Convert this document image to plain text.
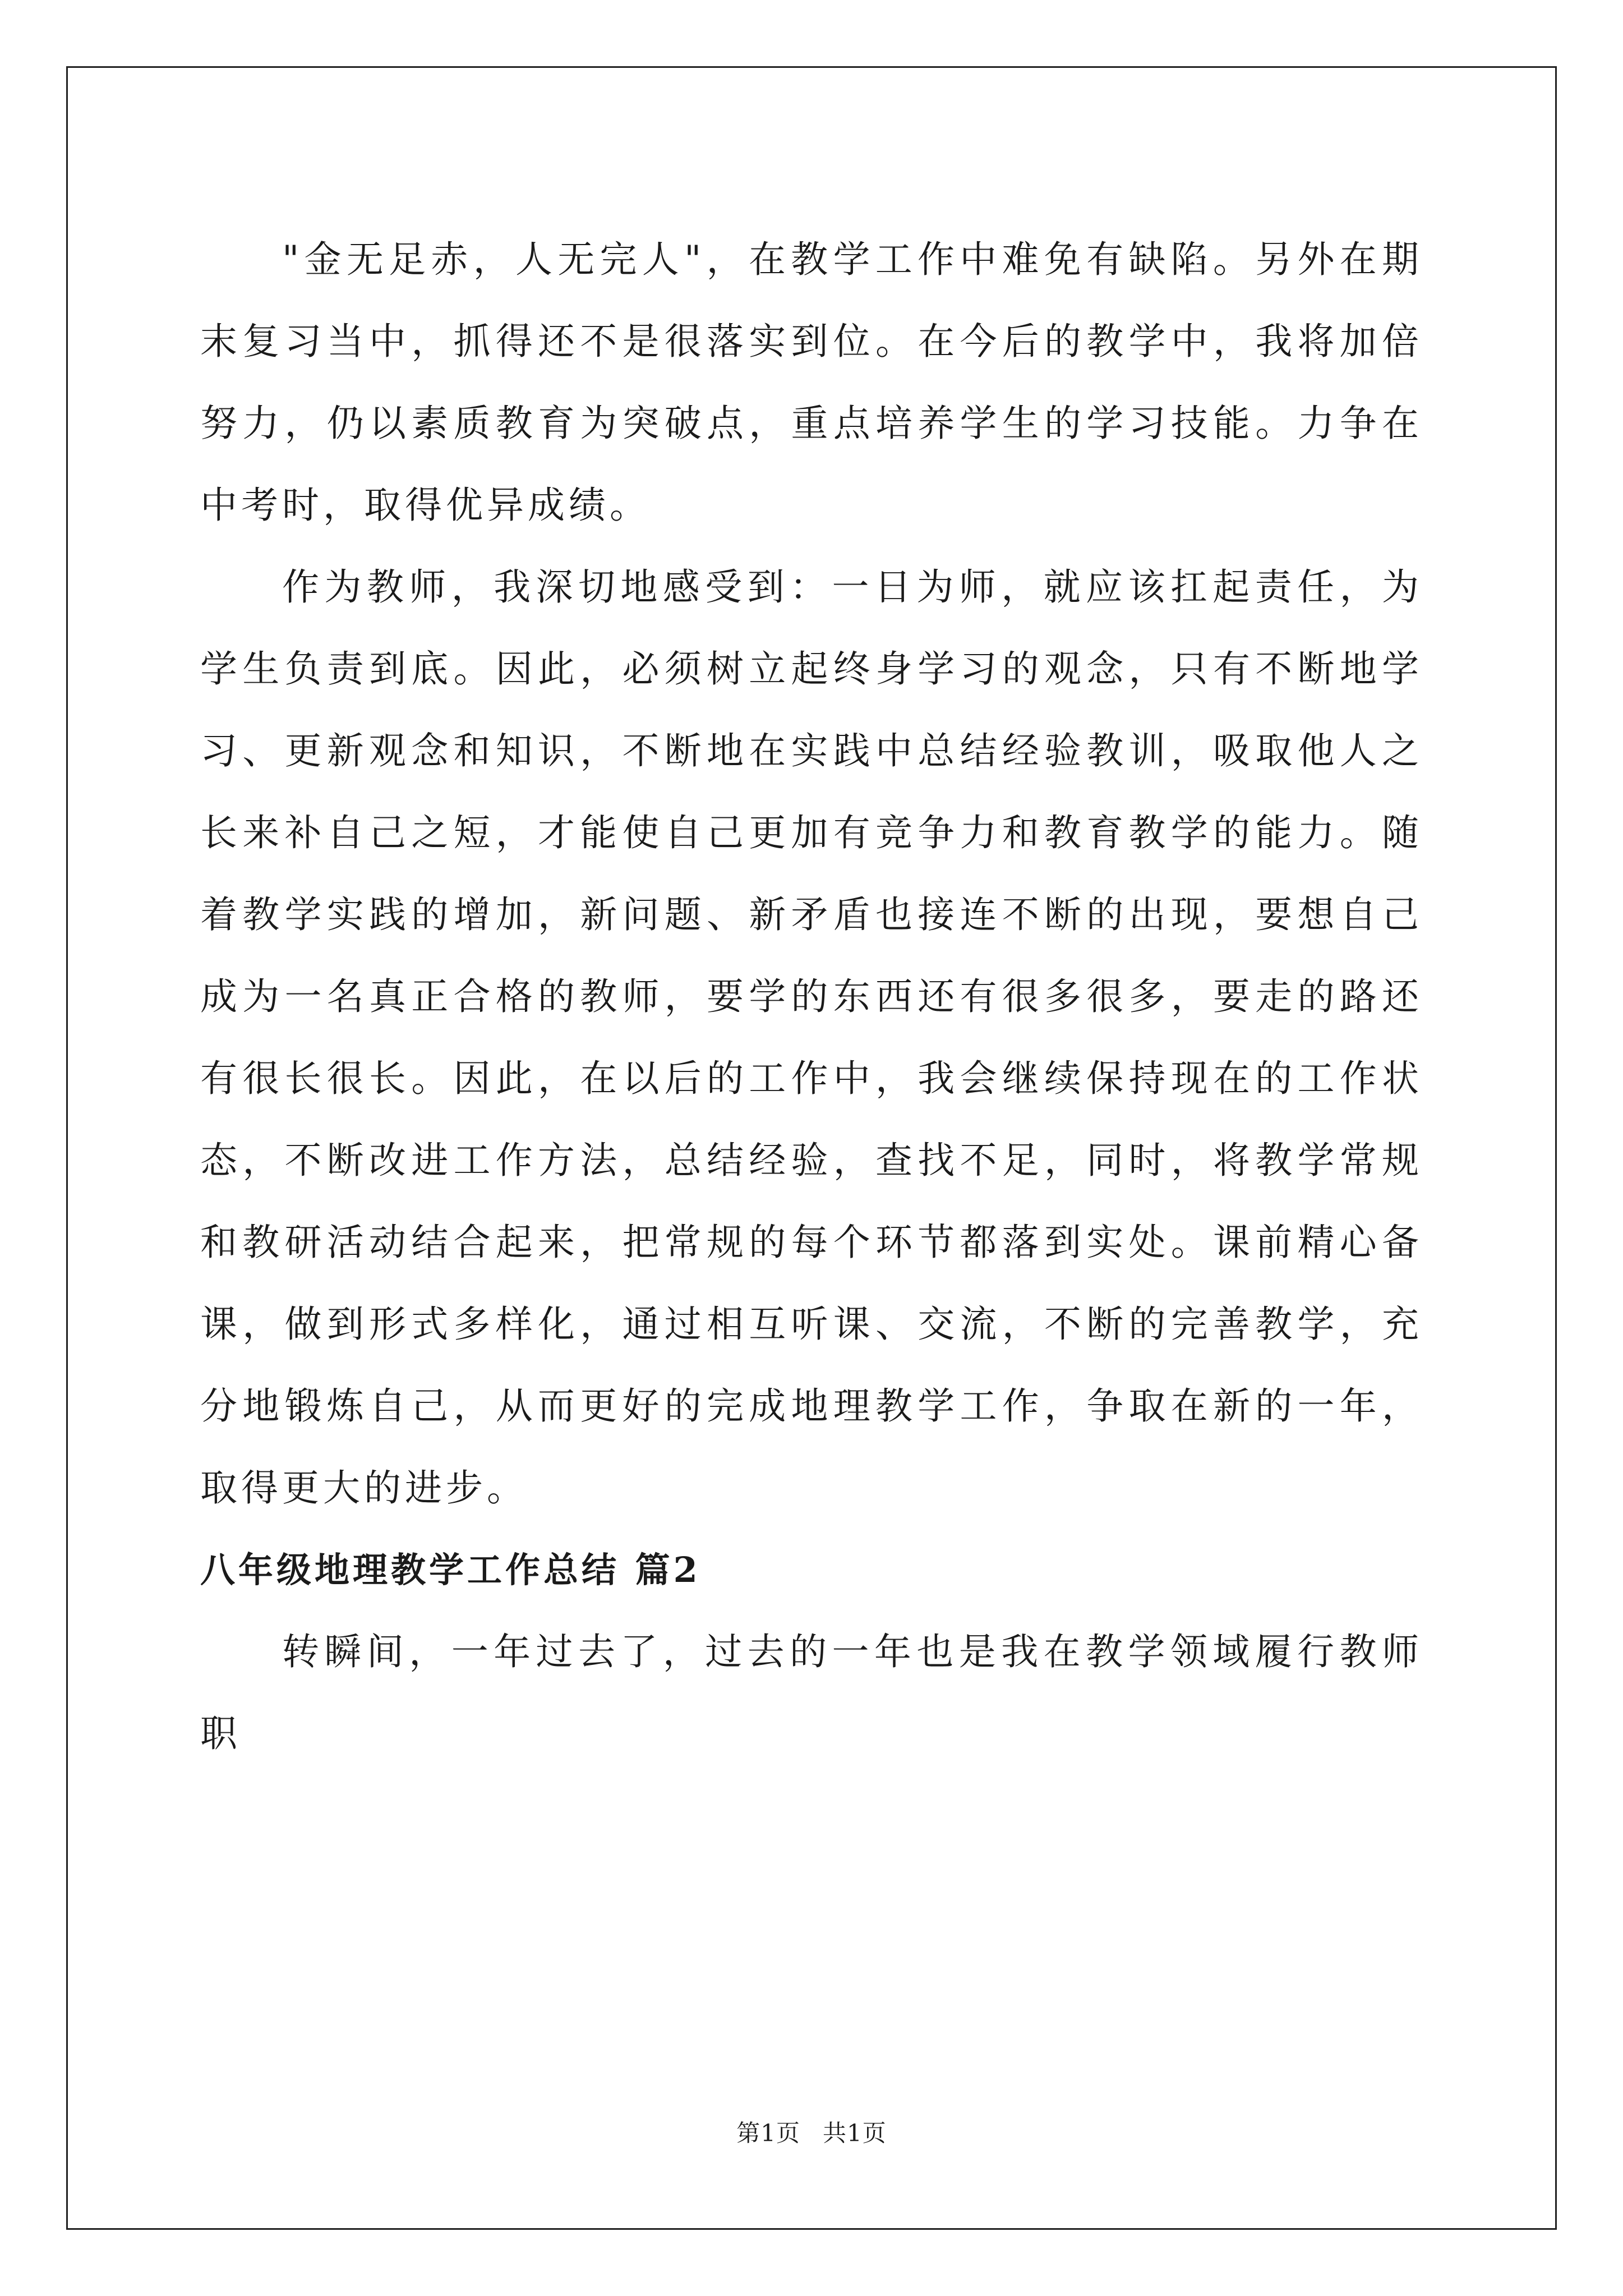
"金无足赤，人无完人"，在教学工作中难免有缺陷。另外在期末复习当中，抓得还不是很落实到位。在今后的教学中，我将加倍努力，仍以素质教育为突破点，重点培养学生的学习技能。力争在中考时，取得优异成绩。

作为教师，我深切地感受到：一日为师，就应该扛起责任，为学生负责到底。因此，必须树立起终身学习的观念，只有不断地学习、更新观念和知识，不断地在实践中总结经验教训，吸取他人之长来补自己之短，才能使自己更加有竞争力和教育教学的能力。随着教学实践的增加，新问题、新矛盾也接连不断的出现，要想自己成为一名真正合格的教师，要学的东西还有很多很多，要走的路还有很长很长。因此，在以后的工作中，我会继续保持现在的工作状态，不断改进工作方法，总结经验，查找不足，同时，将教学常规和教研活动结合起来，把常规的每个环节都落到实处。课前精心备课，做到形式多样化，通过相互听课、交流，不断的完善教学，充分地锻炼自己，从而更好的完成地理教学工作，争取在新的一年，取得更大的进步。

八年级地理教学工作总结 篇2

转瞬间，一年过去了，过去的一年也是我在教学领域履行教师职

第1页 共1页
